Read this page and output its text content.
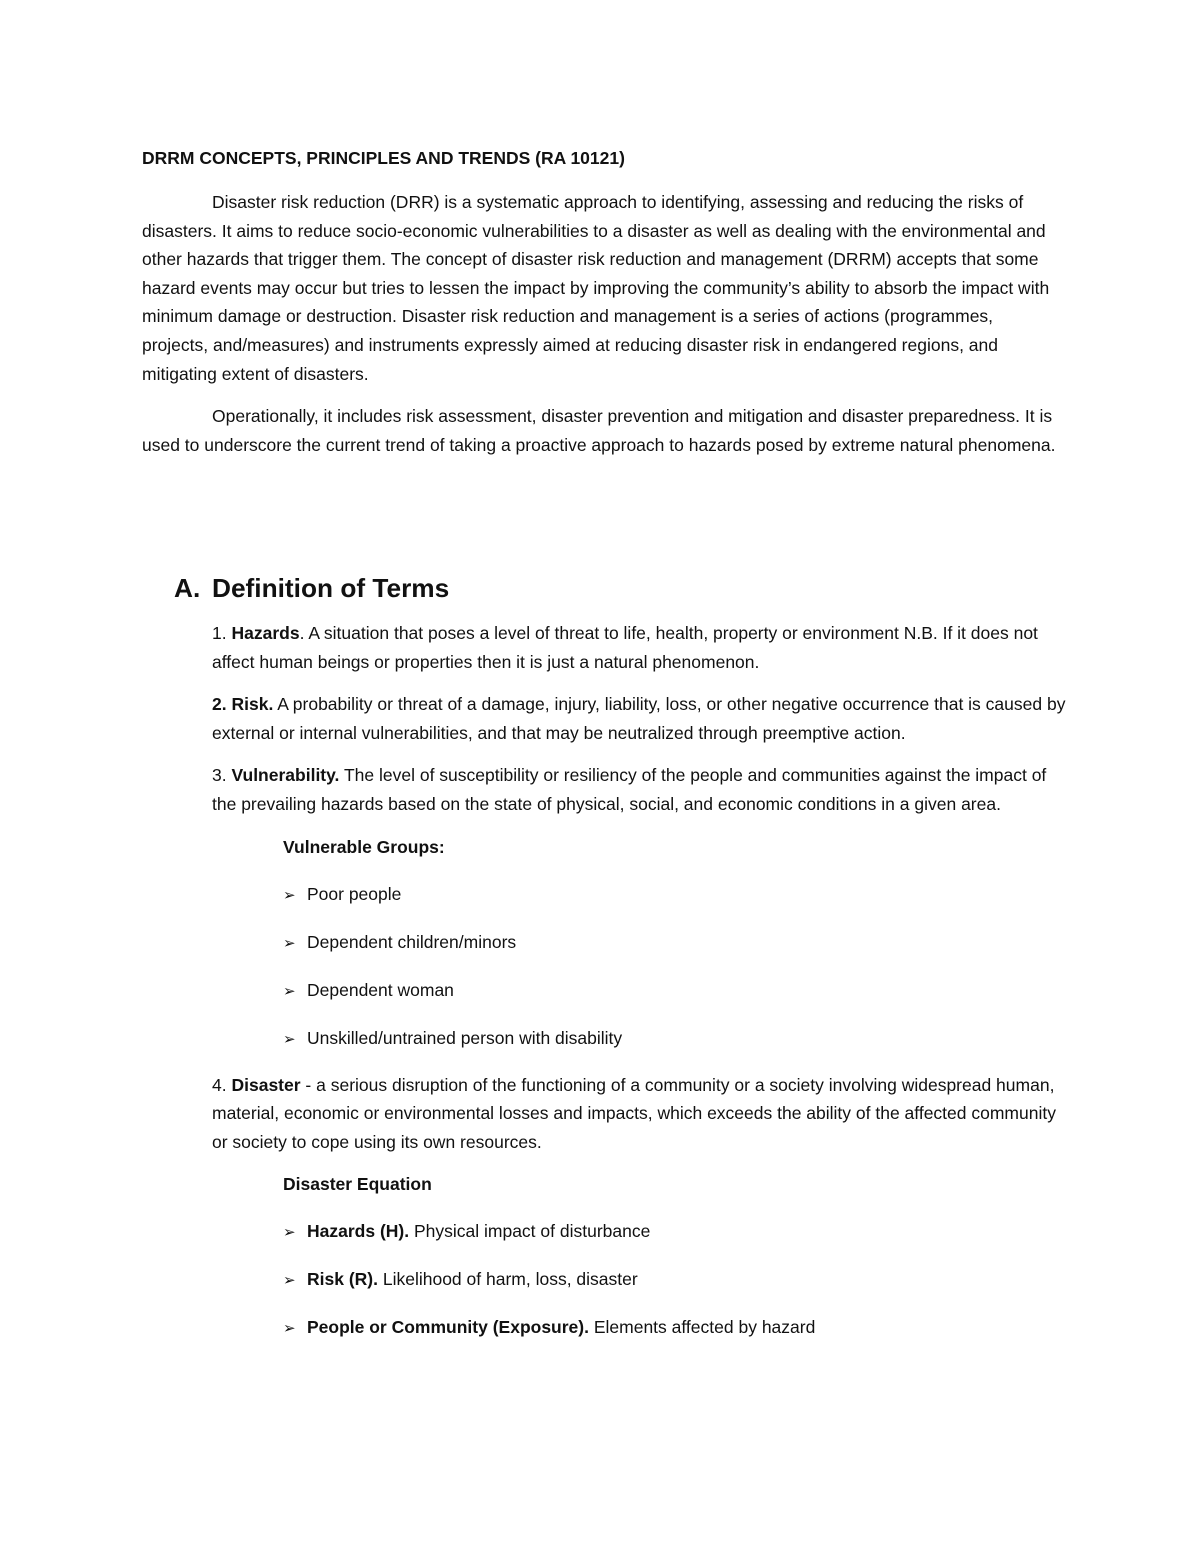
DRRM CONCEPTS, PRINCIPLES AND TRENDS (RA 10121)

Disaster risk reduction (DRR) is a systematic approach to identifying, assessing and reducing the risks of disasters. It aims to reduce socio-economic vulnerabilities to a disaster as well as dealing with the environmental and other hazards that trigger them. The concept of disaster risk reduction and management (DRRM) accepts that some hazard events may occur but tries to lessen the impact by improving the community’s ability to absorb the impact with minimum damage or destruction. Disaster risk reduction and management is a series of actions (programmes, projects, and/measures) and instruments expressly aimed at reducing disaster risk in endangered regions, and mitigating extent of disasters.

Operationally, it includes risk assessment, disaster prevention and mitigation and disaster preparedness. It is used to underscore the current trend of taking a proactive approach to hazards posed by extreme natural phenomena.

A. Definition of Terms

1. Hazards. A situation that poses a level of threat to life, health, property or environment N.B. If it does not affect human beings or properties then it is just a natural phenomenon.

2. Risk. A probability or threat of a damage, injury, liability, loss, or other negative occurrence that is caused by external or internal vulnerabilities, and that may be neutralized through preemptive action.

3. Vulnerability. The level of susceptibility or resiliency of the people and communities against the impact of the prevailing hazards based on the state of physical, social, and economic conditions in a given area.

Vulnerable Groups:
➢ Poor people
➢ Dependent children/minors
➢ Dependent woman
➢ Unskilled/untrained person with disability

4. Disaster - a serious disruption of the functioning of a community or a society involving widespread human, material, economic or environmental losses and impacts, which exceeds the ability of the affected community or society to cope using its own resources.

Disaster Equation
➢ Hazards (H). Physical impact of disturbance
➢ Risk (R). Likelihood of harm, loss, disaster
➢ People or Community (Exposure). Elements affected by hazard
